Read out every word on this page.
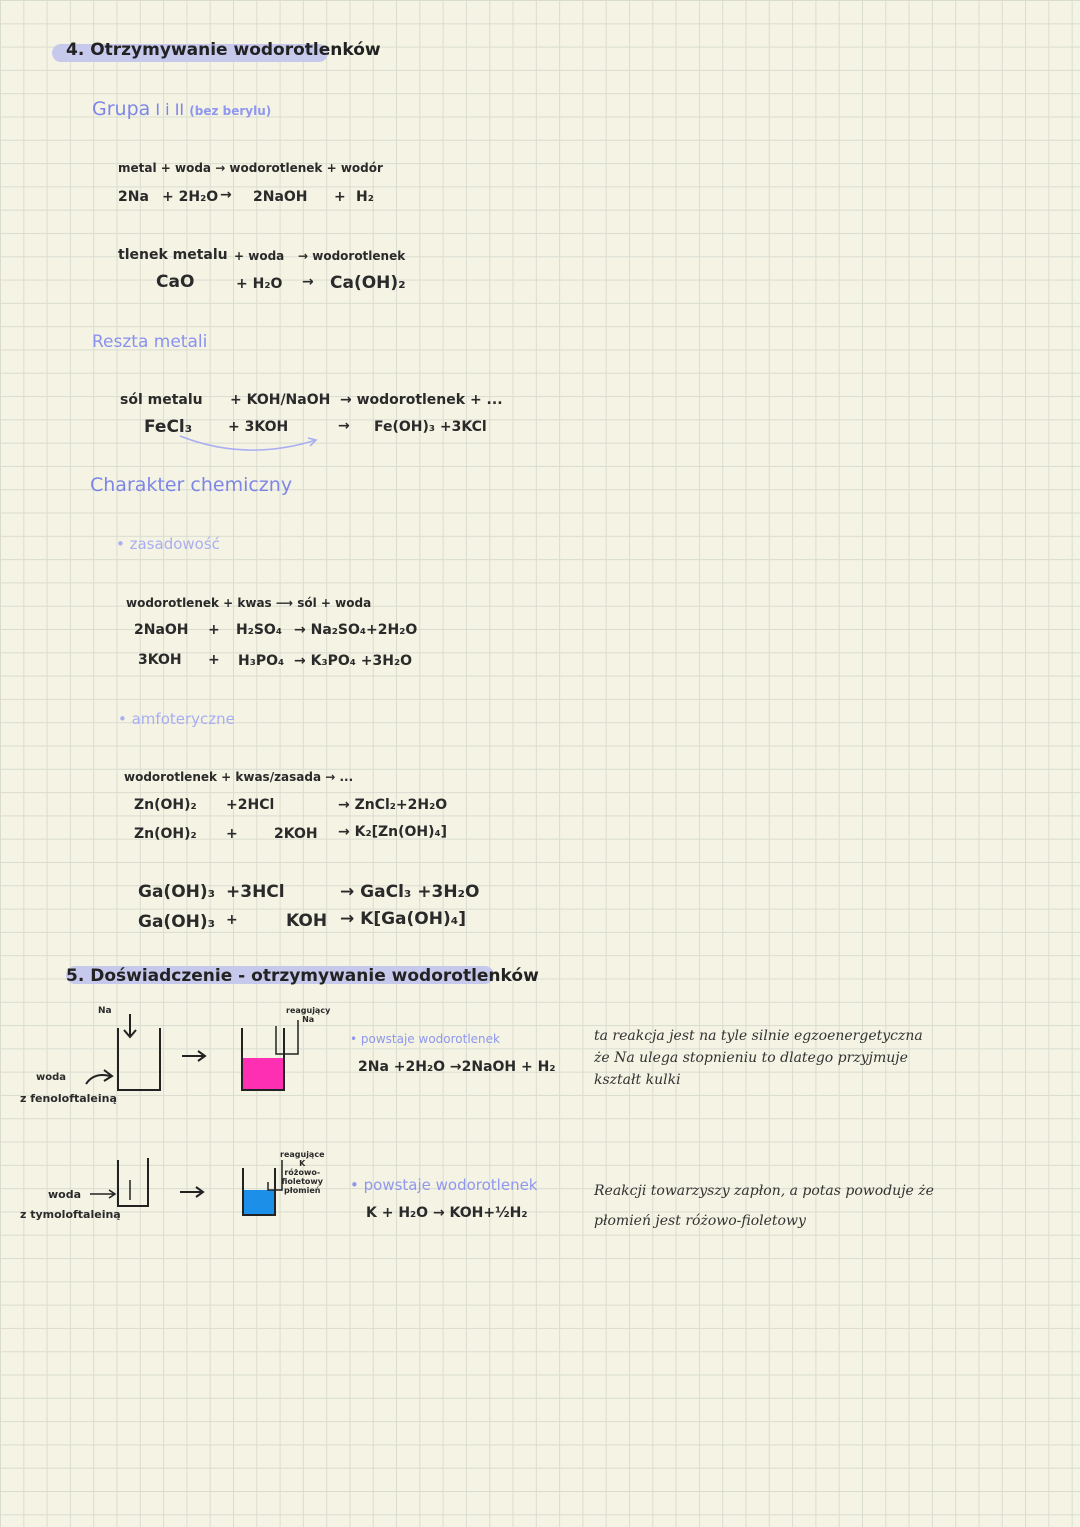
4. Otrzymywanie wodorotlenków
Grupa I i II (bez berylu)
metal + woda → wodorotlenek + wodór
2Na + 2H₂O → 2NaOH + H₂
tlenek metalu + woda → wodorotlenek
CaO	+ H₂O → Ca(OH)₂
Reszta metali
sól metalu + KOH/NaOH → wodorotlenek + ...
FeCl₃	+ 3KOH	→ Fe(OH)₃ +3KCl
Charakter chemiczny
• zasadowość
wodorotlenek + kwas ⟶ sól + woda
2NaOH + H₂SO₄ → Na₂SO₄+2H₂O
3KOH + H₃PO₄ → K₃PO₄ +3H₂O
• amfoteryczne
wodorotlenek + kwas/zasada → ...
Zn(OH)₂ +2HCl	→ ZnCl₂+2H₂O
Zn(OH)₂ +	2KOH → K₂[Zn(OH)₄]
Ga(OH)₃ +3HCl	→ GaCl₃ +3H₂O
Ga(OH)₃ +	KOH → K[Ga(OH)₄]
5. Doświadczenie - otrzymywanie wodorotlenków
Na
woda
z fenoloftaleiną
reagujący
Na
• powstaje wodorotlenek
2Na +2H₂O →2NaOH + H₂
ta reakcja jest na tyle silnie egzoenergetyczna
że Na ulega stopnieniu to dlatego przyjmuje
kształt kulki
woda
z tymoloftaleiną
reagujące
K
różowo-
fioletowy
płomień • powstaje wodorotlenek
K + H₂O → KOH+½H₂
Reakcji towarzyszy zapłon, a potas powoduje że
płomień jest różowo-fioletowy
